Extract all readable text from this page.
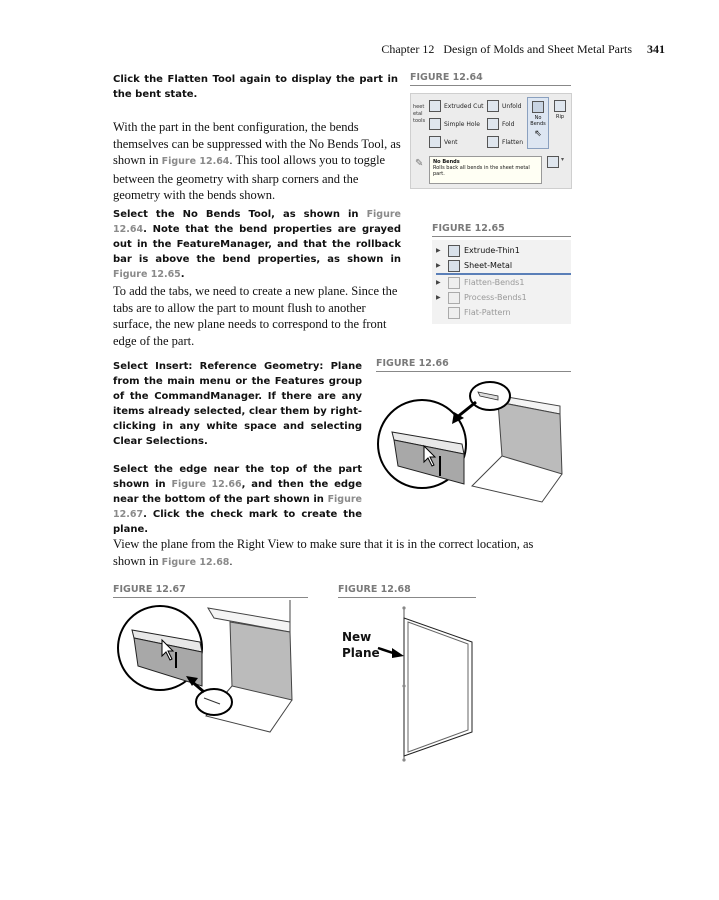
Chapter 12 Design of Molds and Sheet Metal Parts 341
Click the Flatten Tool again to display the part in the bent state.
With the part in the bent configuration, the bends themselves can be suppressed with the No Bends Tool, as shown in Figure 12.64. This tool allows you to toggle between the geometry with sharp corners and the geometry with the bends shown.
Select the No Bends Tool, as shown in Figure 12.64. Note that the bend properties are grayed out in the FeatureManager, and that the rollback bar is above the bend properties, as shown in Figure 12.65.
To add the tabs, we need to create a new plane. Since the tabs are to allow the part to mount flush to another surface, the new plane needs to correspond to the front edge of the part.
Select Insert: Reference Geometry: Plane from the main menu or the Features group of the CommandManager. If there are any items already selected, clear them by right-clicking in any white space and selecting Clear Selections.
Select the edge near the top of the part shown in Figure 12.66, and then the edge near the bottom of the part shown in Figure 12.67. Click the check mark to create the plane.
View the plane from the Right View to make sure that it is in the correct location, as shown in Figure 12.68.
FIGURE 12.64
heet
etal
tools
Extruded Cut	Unfold
Simple Hole	Fold
Vent	Flatten
No
Bends
⇖
Rip
✎ No Bends
Rolls back all bends in the sheet metal part.
▾
FIGURE 12.65
▶	Extrude-Thin1
▶	Sheet-Metal
▶	Flatten-Bends1
▶	Process-Bends1
Flat-Pattern
FIGURE 12.66
FIGURE 12.67	FIGURE 12.68
New
Plane
